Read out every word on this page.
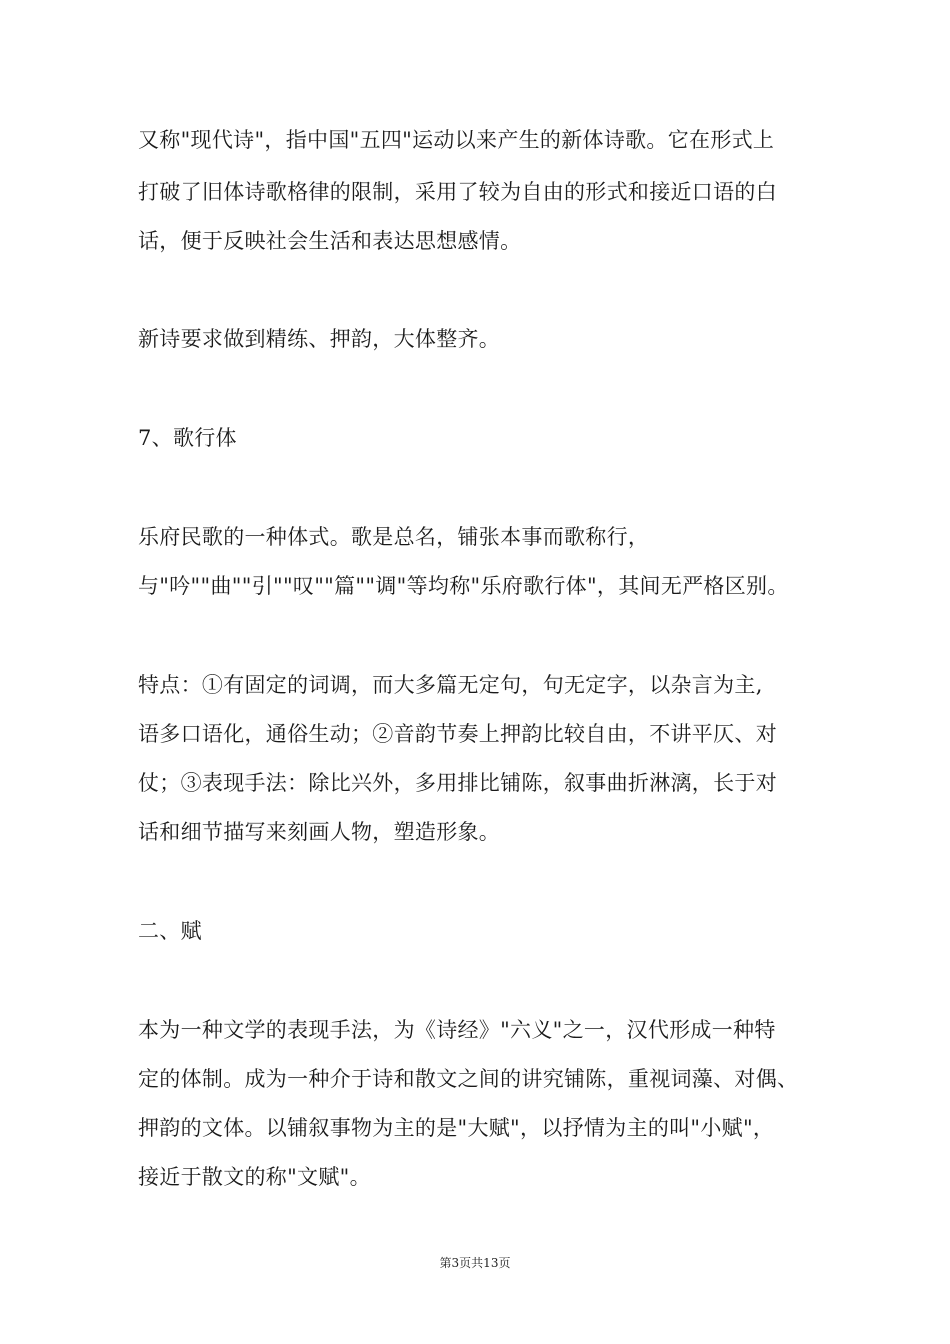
又称"现代诗"，指中国"五四"运动以来产生的新体诗歌。它在形式上
打破了旧体诗歌格律的限制，采用了较为自由的形式和接近口语的白
话，便于反映社会生活和表达思想感情。
新诗要求做到精练、押韵，大体整齐。
7、歌行体
乐府民歌的一种体式。歌是总名，铺张本事而歌称行，
与"吟""曲""引""叹""篇""调"等均称"乐府歌行体"，其间无严格区别。
特点：①有固定的词调，而大多篇无定句，句无定字，以杂言为主,
语多口语化，通俗生动；②音韵节奏上押韵比较自由，不讲平仄、对
仗；③表现手法：除比兴外，多用排比铺陈，叙事曲折淋漓，长于对
话和细节描写来刻画人物，塑造形象。
二、赋
本为一种文学的表现手法，为《诗经》"六义"之一，汉代形成一种特
定的体制。成为一种介于诗和散文之间的讲究铺陈，重视词藻、对偶、
押韵的文体。以铺叙事物为主的是"大赋"，以抒情为主的叫"小赋"，
接近于散文的称"文赋"。
第3页共13页
